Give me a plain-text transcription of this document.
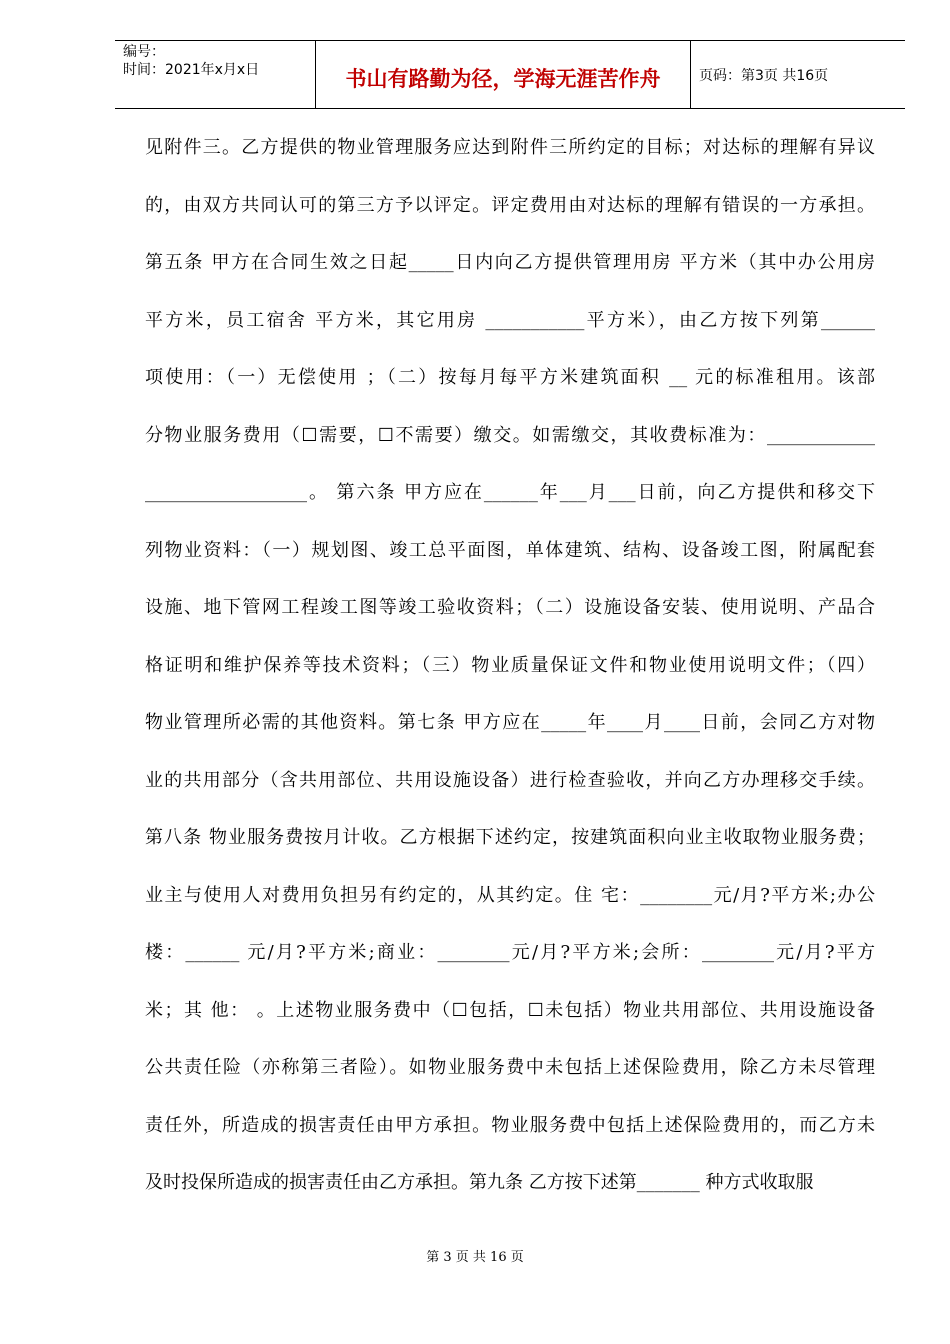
编号：
时间：2021年x月x日	书山有路勤为径，学海无涯苦作舟	页码：第3页 共16页
见附件三。乙方提供的物业管理服务应达到附件三所约定的目标；对达标的理解有异议
的，由双方共同认可的第三方予以评定。评定费用由对达标的理解有错误的一方承担。
第五条 甲方在合同生效之日起_____日内向乙方提供管理用房 平方米（其中办公用房
平方米，员工宿舍 平方米，其它用房 ___________平方米），由乙方按下列第______
项使用：（一）无偿使用 ；（二）按每月每平方米建筑面积 __ 元的标准租用。该部
分物业服务费用（☐需要，☐不需要）缴交。如需缴交，其收费标准为：____________
__________________。 第六条 甲方应在______年___月___日前，向乙方提供和移交下
列物业资料：（一）规划图、竣工总平面图，单体建筑、结构、设备竣工图，附属配套
设施、地下管网工程竣工图等竣工验收资料；（二）设施设备安装、使用说明、产品合
格证明和维护保养等技术资料；（三）物业质量保证文件和物业使用说明文件；（四）
物业管理所必需的其他资料。第七条 甲方应在_____年____月____日前，会同乙方对物
业的共用部分（含共用部位、共用设施设备）进行检查验收，并向乙方办理移交手续。
第八条 物业服务费按月计收。乙方根据下述约定，按建筑面积向业主收取物业服务费；
业主与使用人对费用负担另有约定的，从其约定。住 宅：________元/月?平方米;办公
楼：______ 元/月?平方米;商业：________元/月?平方米;会所：________元/月?平方
米；其 他： 。上述物业服务费中（☐包括，☐未包括）物业共用部位、共用设施设备
公共责任险（亦称第三者险）。如物业服务费中未包括上述保险费用，除乙方未尽管理
责任外，所造成的损害责任由甲方承担。物业服务费中包括上述保险费用的，而乙方未
及时投保所造成的损害责任由乙方承担。第九条 乙方按下述第_______ 种方式收取服
第 3 页 共 16 页
